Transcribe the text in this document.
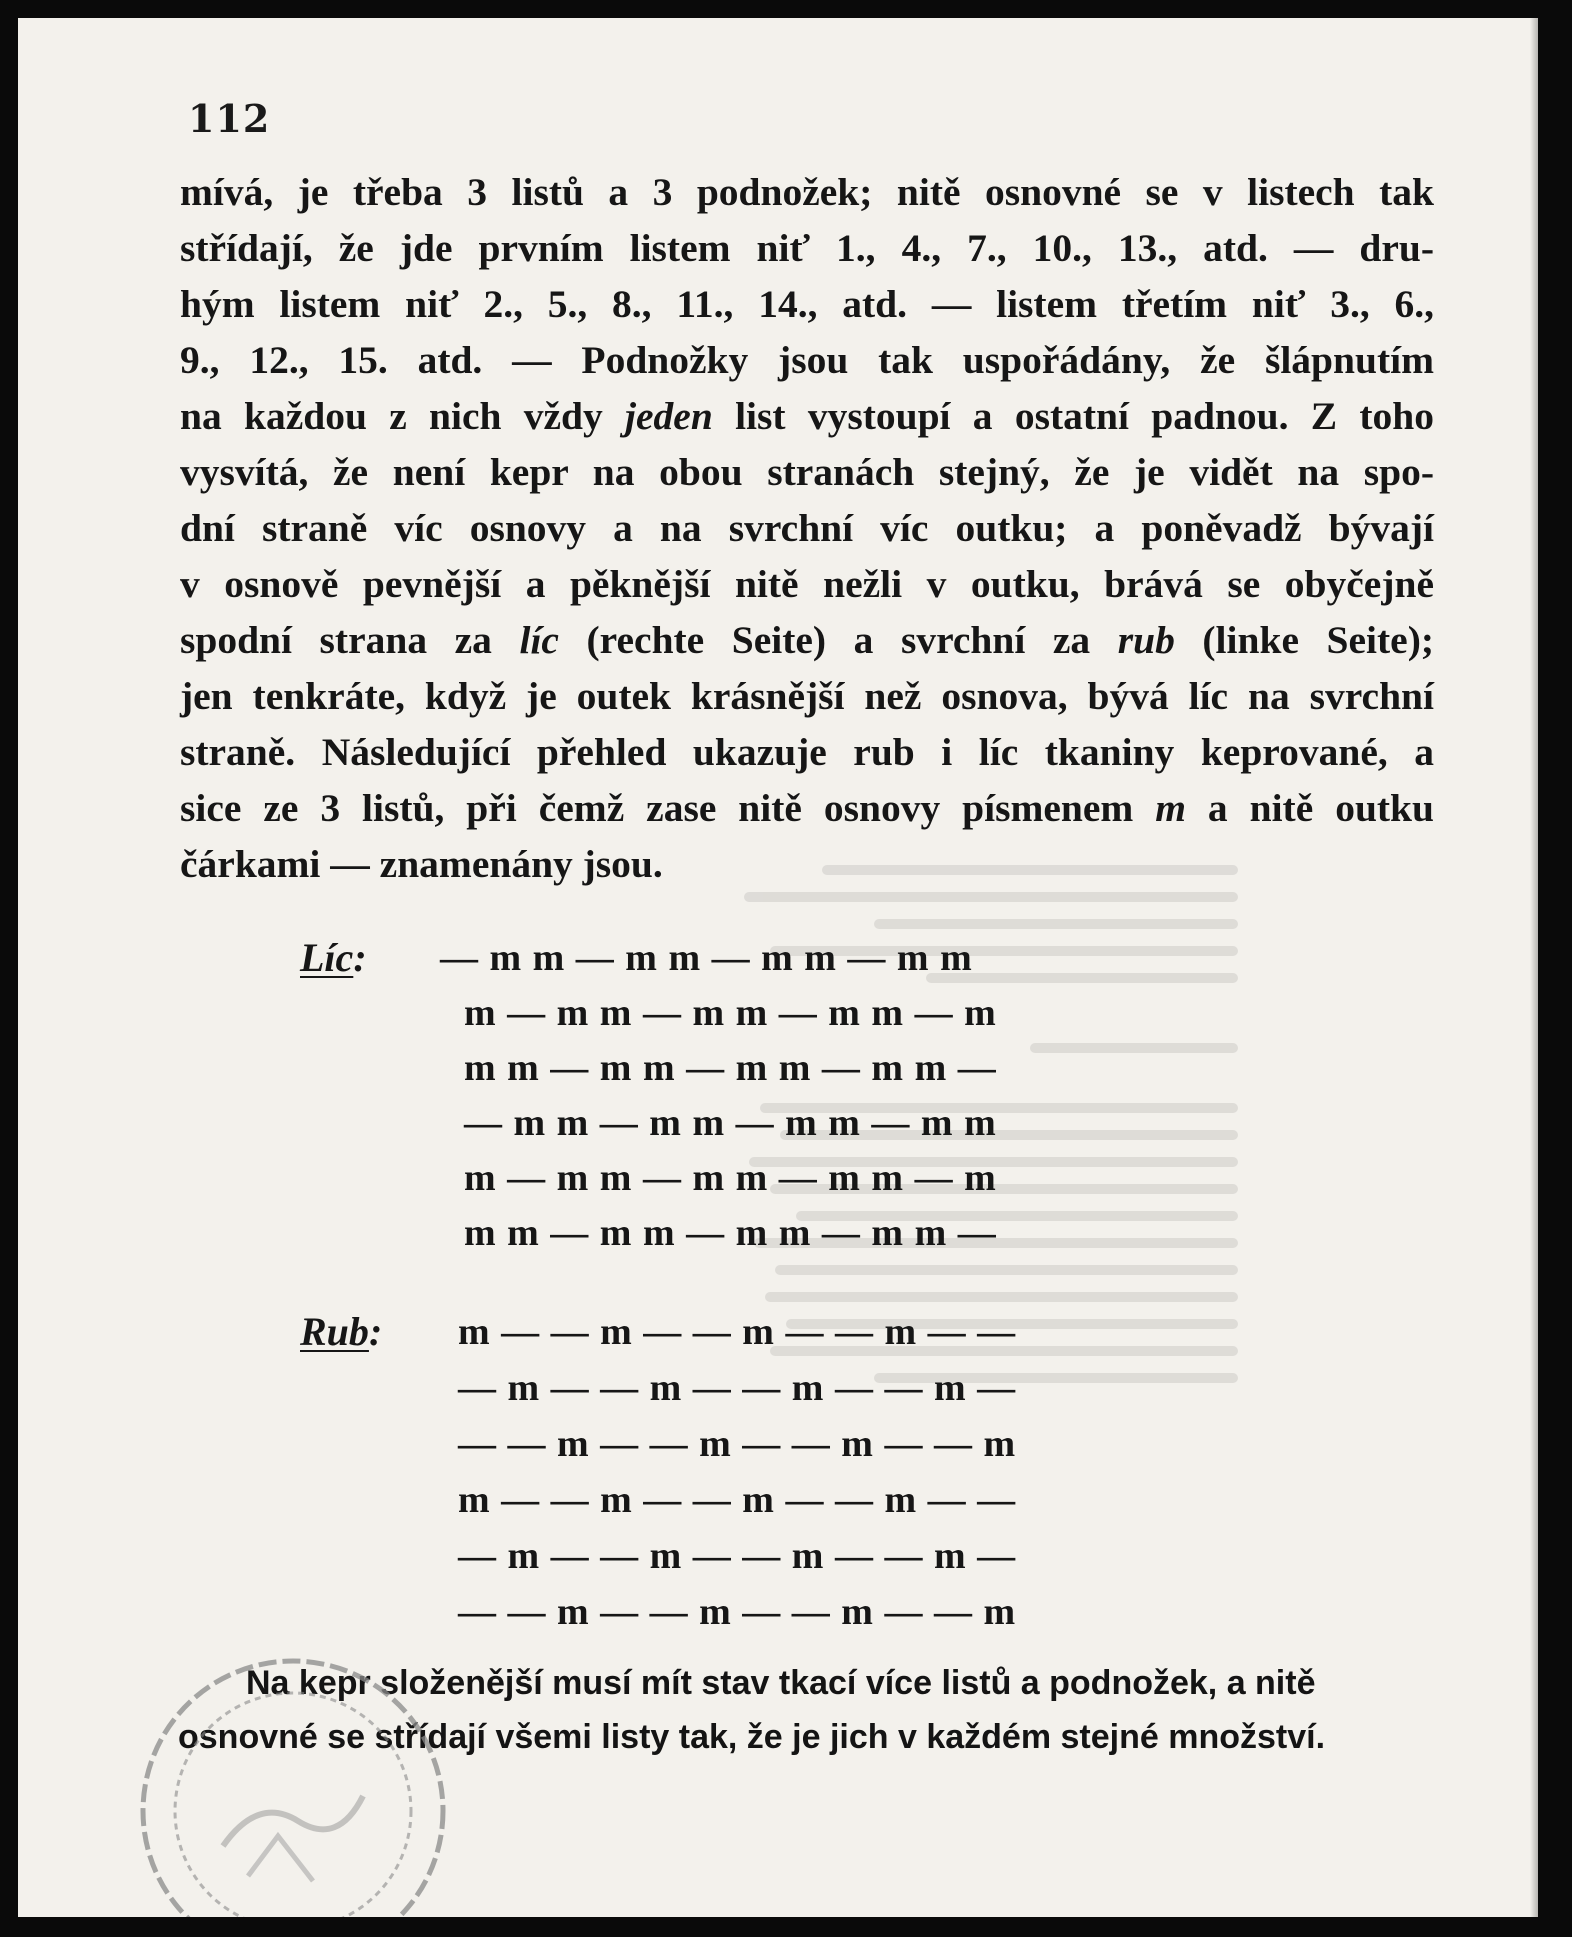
112
mívá, je třeba 3 listů a 3 podnožek; nitě osnovné se v listech tak
střídají, že jde prvním listem niť 1., 4., 7., 10., 13., atd. — dru-
hým listem niť 2., 5., 8., 11., 14., atd. — listem třetím niť 3., 6.,
9., 12., 15. atd. — Podnožky jsou tak uspořádány, že šlápnutím
na každou z nich vždy jeden list vystoupí a ostatní padnou. Z toho
vysvítá, že není kepr na obou stranách stejný, že je vidět na spo-
dní straně víc osnovy a na svrchní víc outku; a poněvadž bývají
v osnově pevnější a pěknější nitě nežli v outku, brává se obyčejně
spodní strana za líc (rechte Seite) a svrchní za rub (linke Seite);
jen tenkráte, když je outek krásnější než osnova, bývá líc na svrchní
straně. Následující přehled ukazuje rub i líc tkaniny keprované, a
sice ze 3 listů, při čemž zase nitě osnovy písmenem m a nitě outku
čárkami — znamenány jsou.
Líc: — m m — m m — m m — m m
m — m m — m m — m m — m
m m — m m — m m — m m —
— m m — m m — m m — m m
m — m m — m m — m m — m
m m — m m — m m — m m —
Rub: m — — m — — m — — m — —
— m — — m — — m — — m —
— — m — — m — — m — — m
m — — m — — m — — m — —
— m — — m — — m — — m —
— — m — — m — — m — — m
Na kepr složenější musí mít stav tkací více listů a podnožek, a nitě
osnovné se střídají všemi listy tak, že je jich v každém stejné množství.
